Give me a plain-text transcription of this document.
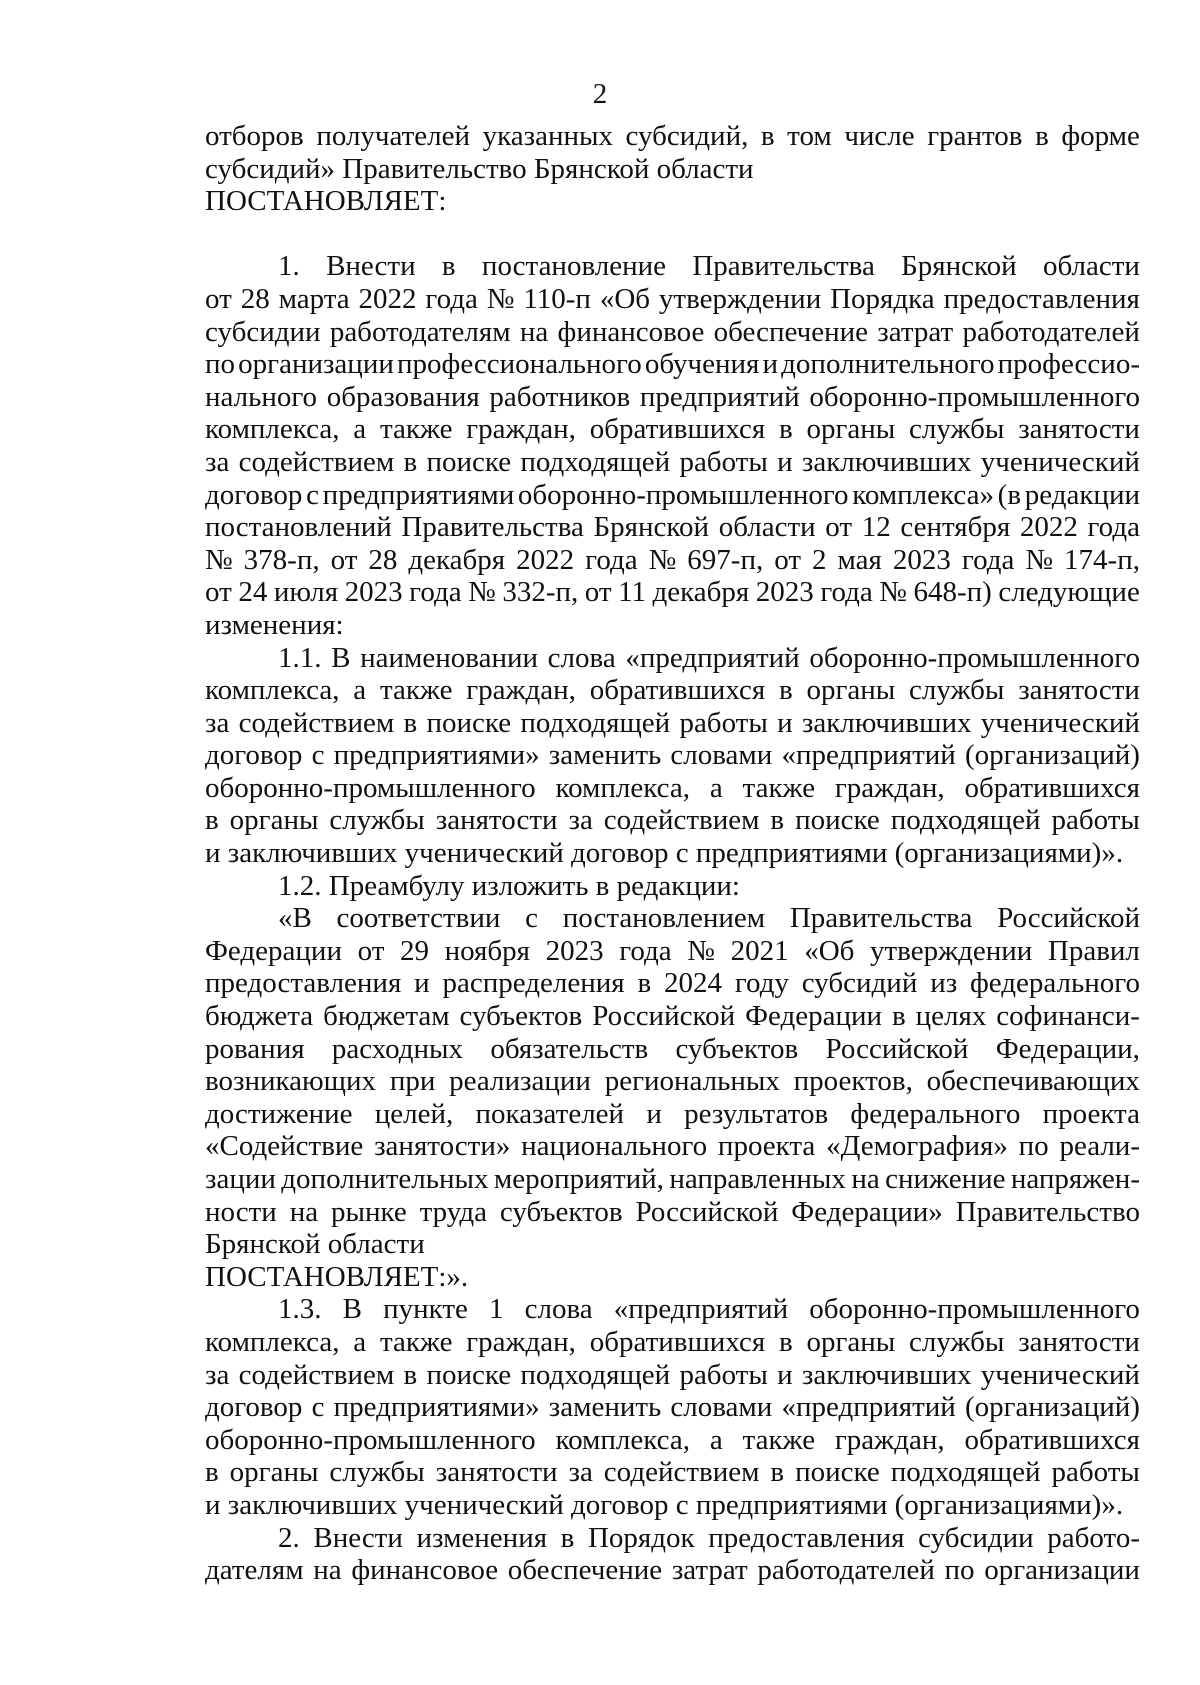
2
отборов получателей указанных субсидий, в том числе грантов в форме
субсидий» Правительство Брянской области
ПОСТАНОВЛЯЕТ:
1. Внести в постановление Правительства Брянской области
от 28 марта 2022 года № 110-п «Об утверждении Порядка предоставления
субсидии работодателям на финансовое обеспечение затрат работодателей
по организации профессионального обучения и дополнительного профессио-
нального образования работников предприятий оборонно-промышленного
комплекса, а также граждан, обратившихся в органы службы занятости
за содействием в поиске подходящей работы и заключивших ученический
договор с предприятиями оборонно-промышленного комплекса» (в редакции
постановлений Правительства Брянской области от 12 сентября 2022 года
№ 378-п, от 28 декабря 2022 года № 697-п, от 2 мая 2023 года № 174-п,
от 24 июля 2023 года № 332-п, от 11 декабря 2023 года № 648-п) следующие
изменения:
1.1. В наименовании слова «предприятий оборонно-промышленного
комплекса, а также граждан, обратившихся в органы службы занятости
за содействием в поиске подходящей работы и заключивших ученический
договор с предприятиями» заменить словами «предприятий (организаций)
оборонно-промышленного комплекса, а также граждан, обратившихся
в органы службы занятости за содействием в поиске подходящей работы
и заключивших ученический договор с предприятиями (организациями)».
1.2. Преамбулу изложить в редакции:
«В соответствии с постановлением Правительства Российской
Федерации от 29 ноября 2023 года № 2021 «Об утверждении Правил
предоставления и распределения в 2024 году субсидий из федерального
бюджета бюджетам субъектов Российской Федерации в целях софинанси-
рования расходных обязательств субъектов Российской Федерации,
возникающих при реализации региональных проектов, обеспечивающих
достижение целей, показателей и результатов федерального проекта
«Содействие занятости» национального проекта «Демография» по реали-
зации дополнительных мероприятий, направленных на снижение напряжен-
ности на рынке труда субъектов Российской Федерации» Правительство
Брянской области
ПОСТАНОВЛЯЕТ:».
1.3. В пункте 1 слова «предприятий оборонно-промышленного
комплекса, а также граждан, обратившихся в органы службы занятости
за содействием в поиске подходящей работы и заключивших ученический
договор с предприятиями» заменить словами «предприятий (организаций)
оборонно-промышленного комплекса, а также граждан, обратившихся
в органы службы занятости за содействием в поиске подходящей работы
и заключивших ученический договор с предприятиями (организациями)».
2. Внести изменения в Порядок предоставления субсидии работо-
дателям на финансовое обеспечение затрат работодателей по организации
